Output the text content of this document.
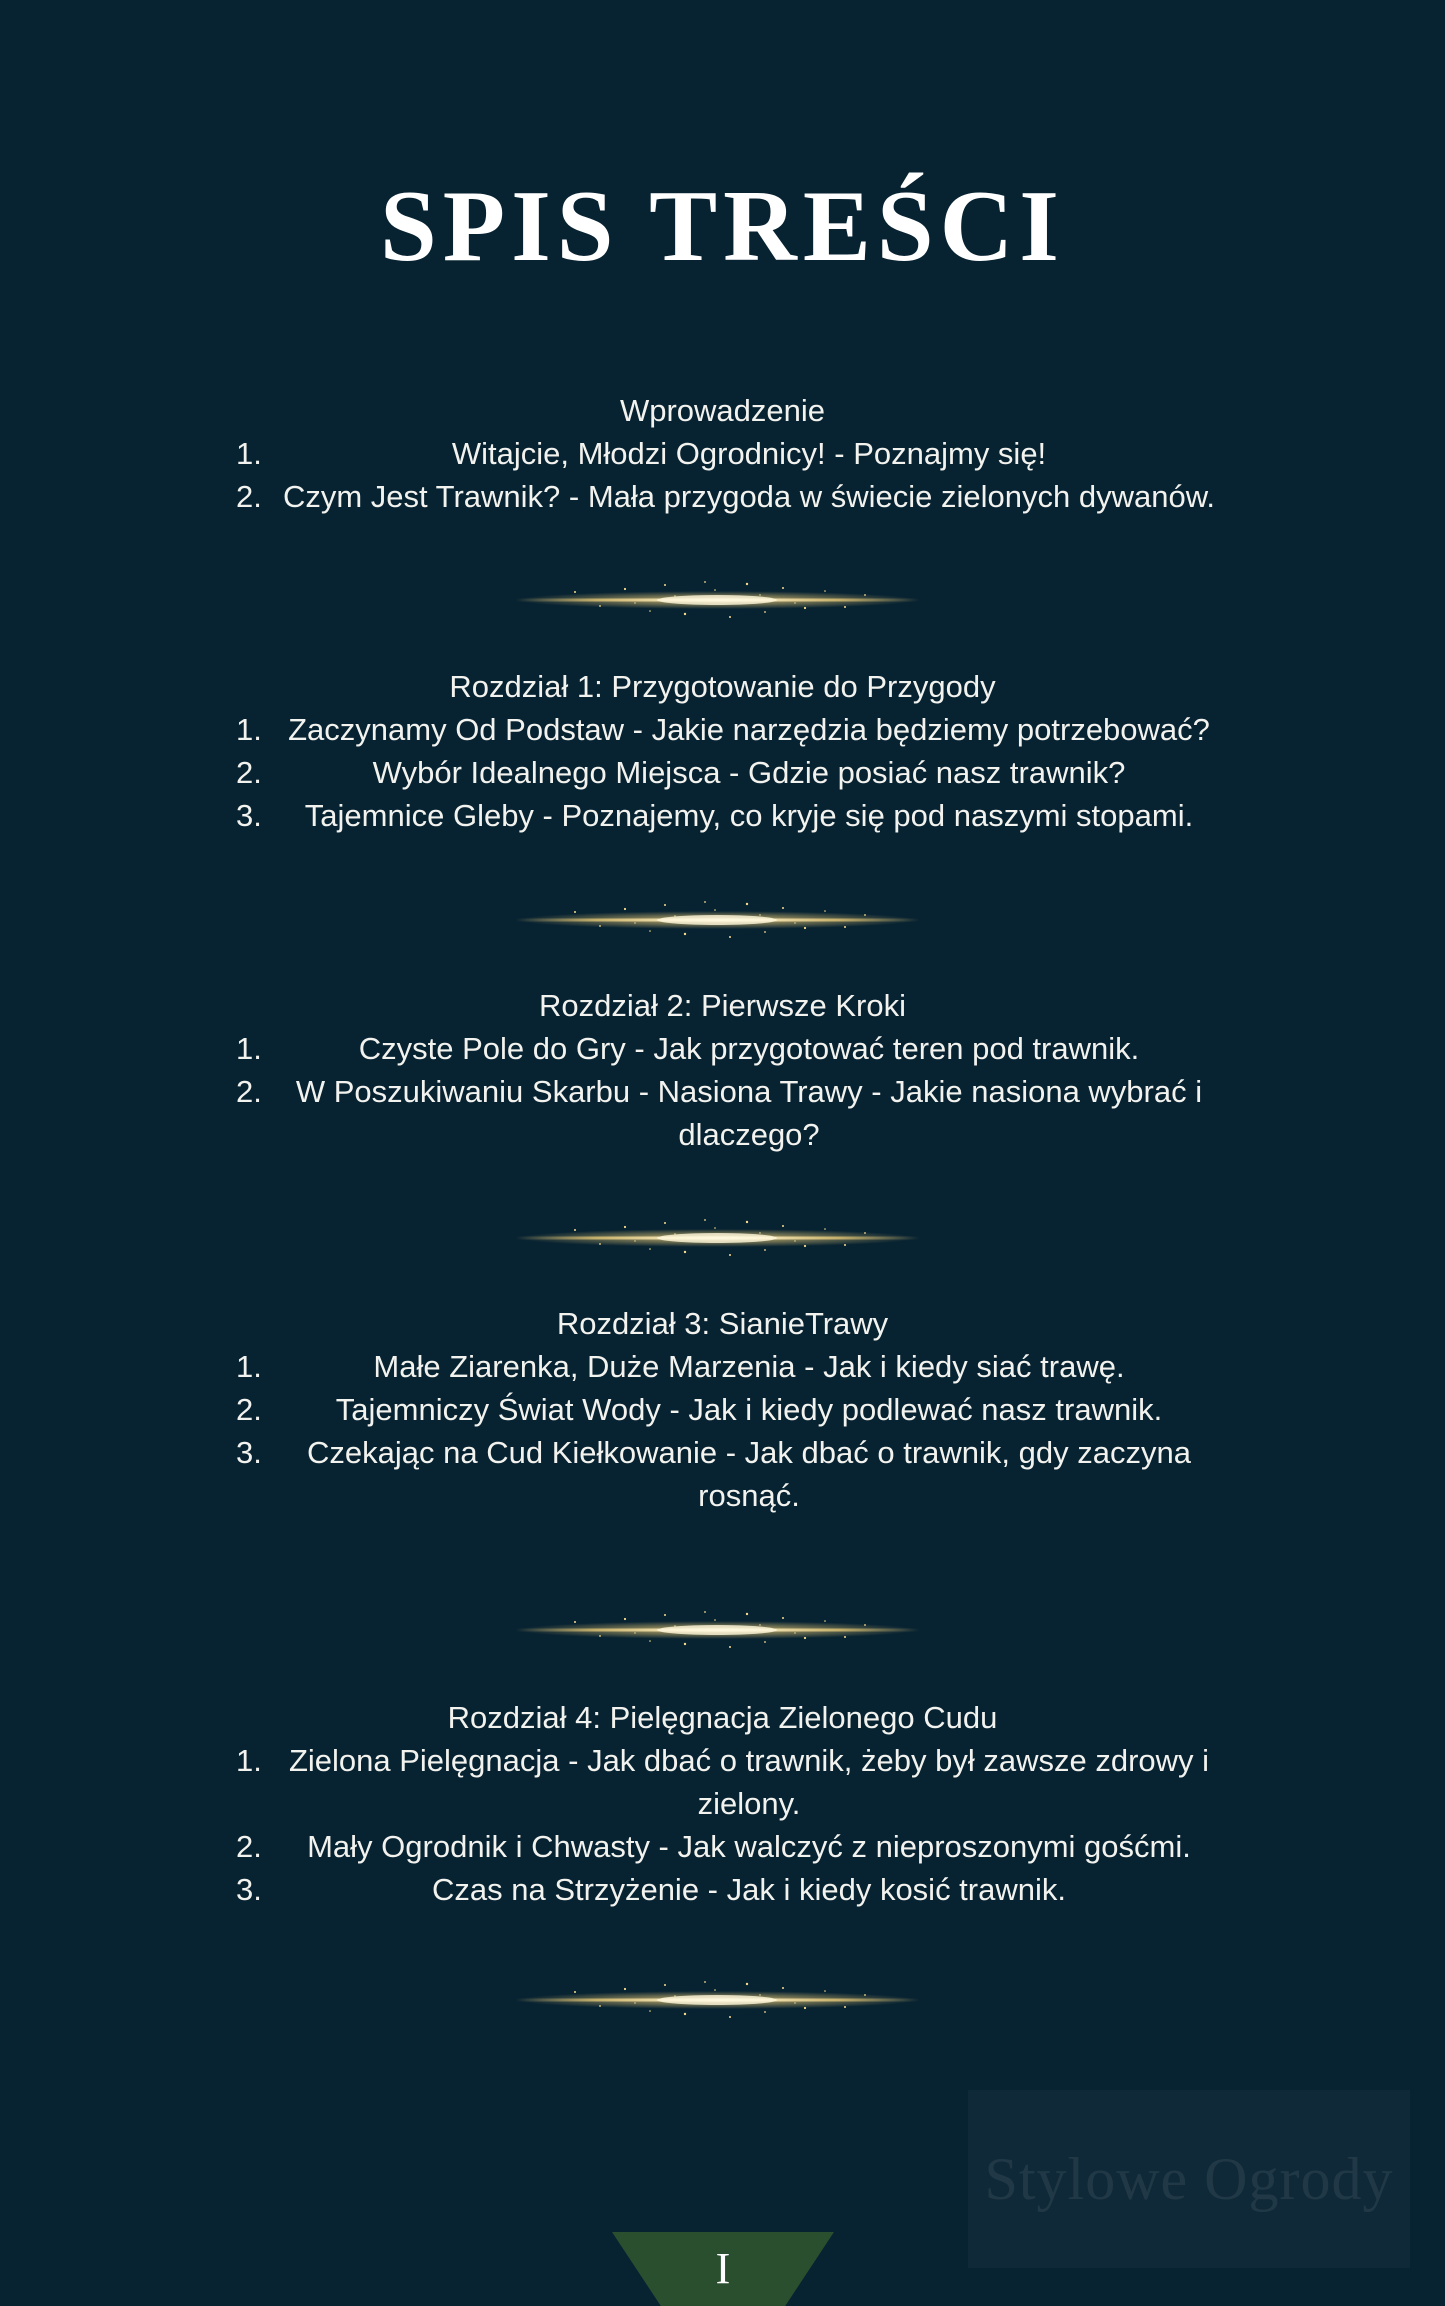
SPIS TREŚCI
Wprowadzenie
1.	Witajcie, Młodzi Ogrodnicy! - Poznajmy się!
2. Czym Jest Trawnik? - Mała przygoda w świecie zielonych dywanów.
Rozdział 1: Przygotowanie do Przygody
1. Zaczynamy Od Podstaw - Jakie narzędzia będziemy potrzebować?
2.	Wybór Idealnego Miejsca - Gdzie posiać nasz trawnik?
3. Tajemnice Gleby - Poznajemy, co kryje się pod naszymi stopami.
Rozdział 2: Pierwsze Kroki
1.	Czyste Pole do Gry - Jak przygotować teren pod trawnik.
2. W Poszukiwaniu Skarbu - Nasiona Trawy - Jakie nasiona wybrać i dlaczego?
Rozdział 3: SianieTrawy
1.	Małe Ziarenka, Duże Marzenia - Jak i kiedy siać trawę.
2. Tajemniczy Świat Wody - Jak i kiedy podlewać nasz trawnik.
3. Czekając na Cud Kiełkowanie - Jak dbać o trawnik, gdy zaczyna rosnąć.
Rozdział 4: Pielęgnacja Zielonego Cudu
1. Zielona Pielęgnacja - Jak dbać o trawnik, żeby był zawsze zdrowy i zielony.
2. Mały Ogrodnik i Chwasty - Jak walczyć z nieproszonymi gośćmi.
3.	Czas na Strzyżenie - Jak i kiedy kosić trawnik.
Stylowe Ogrody
I
